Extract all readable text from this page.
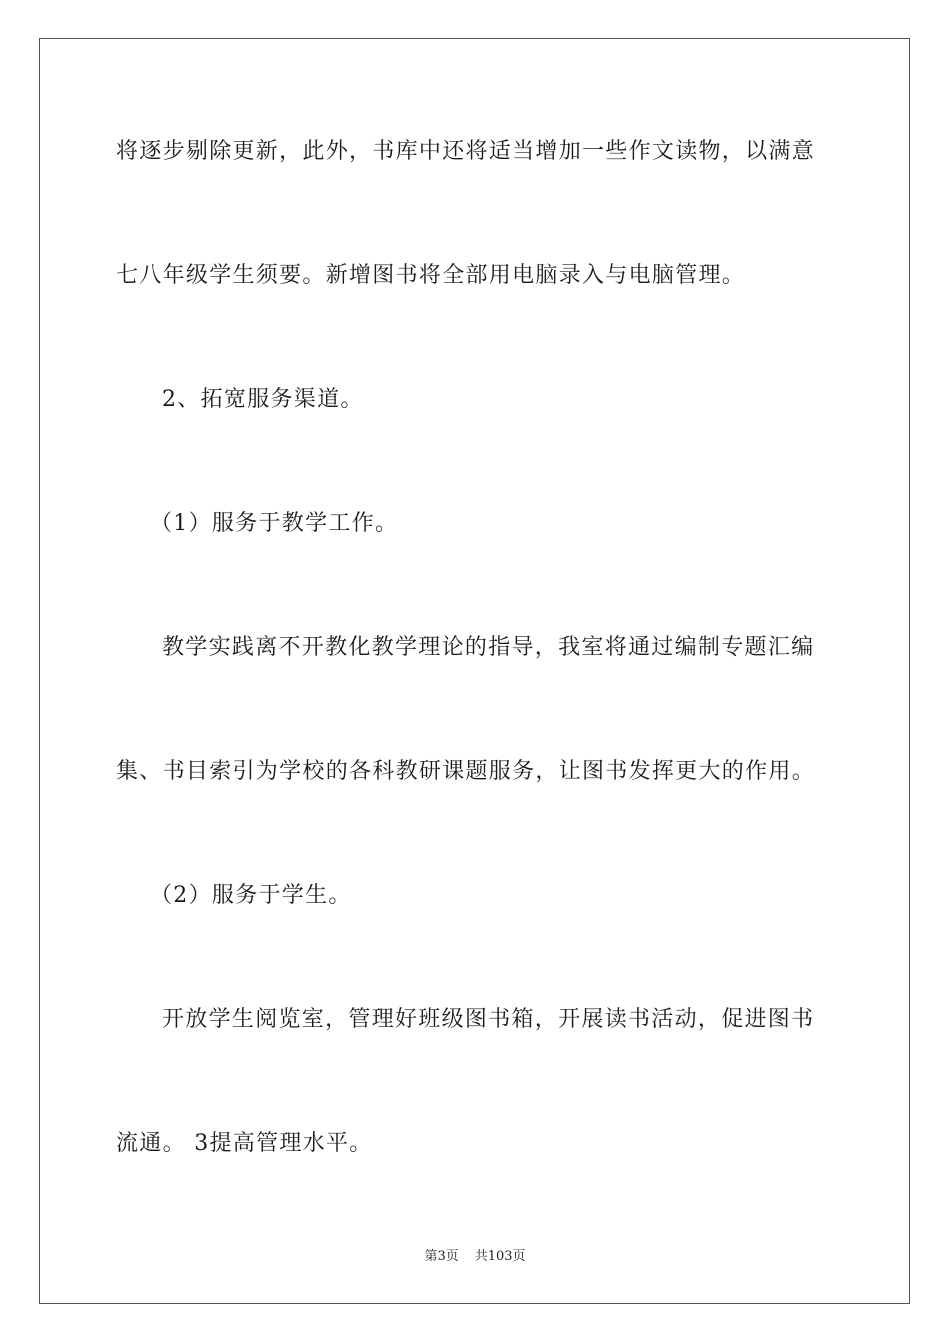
将逐步剔除更新，此外，书库中还将适当增加一些作文读物，以满意
七八年级学生须要。新增图书将全部用电脑录入与电脑管理。
2、拓宽服务渠道。
（1）服务于教学工作。
教学实践离不开教化教学理论的指导，我室将通过编制专题汇编
集、书目索引为学校的各科教研课题服务，让图书发挥更大的作用。
（2）服务于学生。
开放学生阅览室，管理好班级图书箱，开展读书活动，促进图书
流通。 3提高管理水平。
第3页 共103页
